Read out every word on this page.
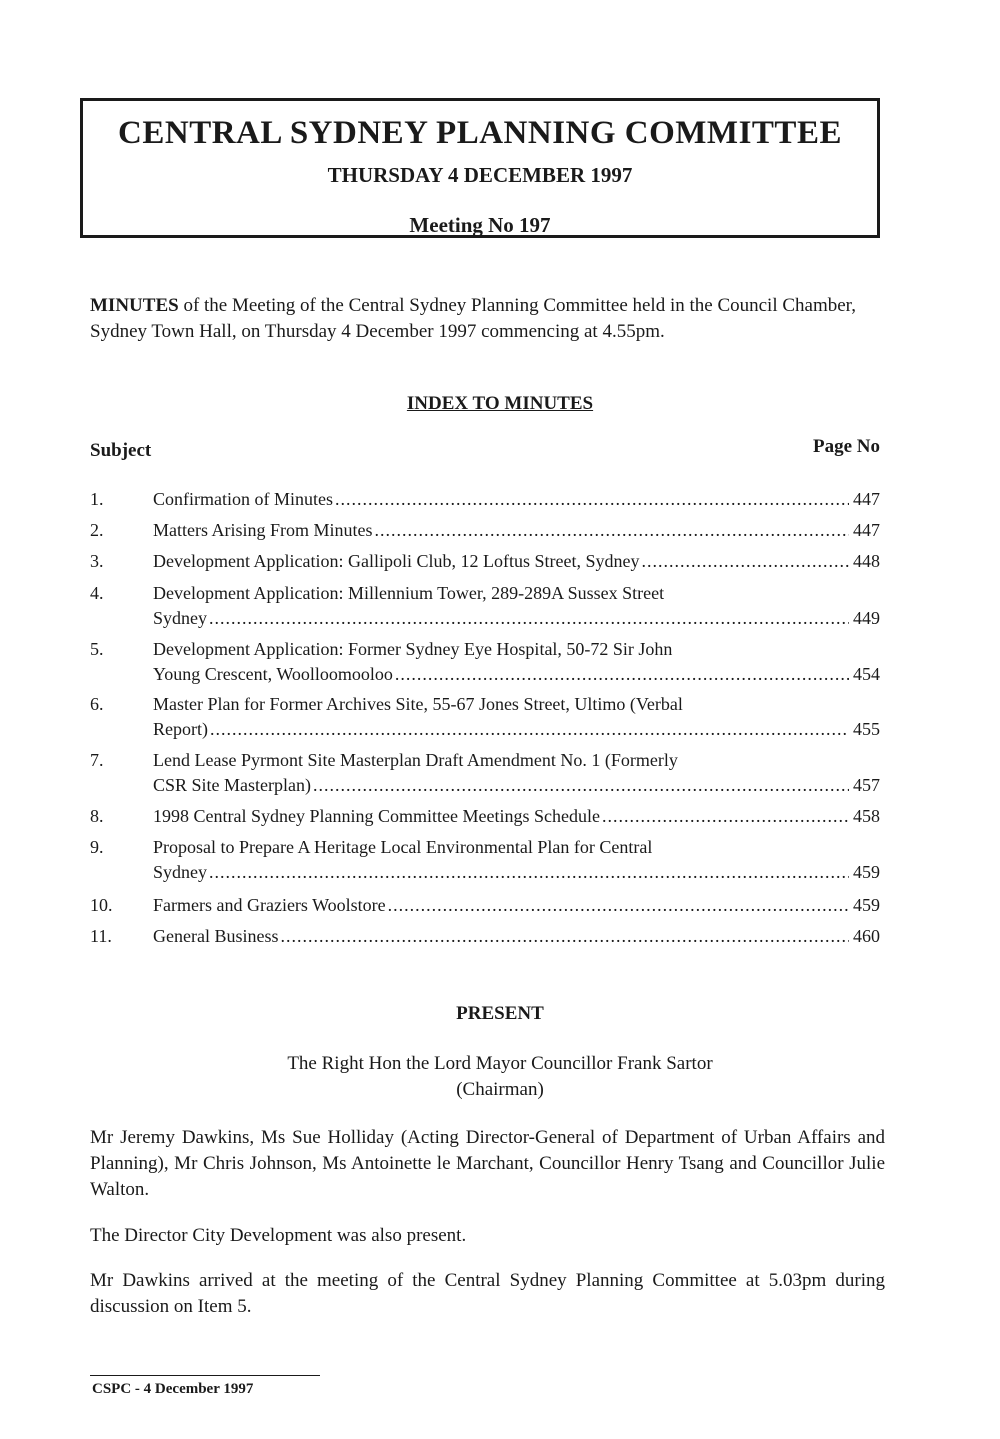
CENTRAL SYDNEY PLANNING COMMITTEE
THURSDAY 4 DECEMBER 1997
Meeting No 197
MINUTES of the Meeting of the Central Sydney Planning Committee held in the Council Chamber, Sydney Town Hall, on Thursday 4 December 1997 commencing at 4.55pm.
INDEX TO MINUTES
Subject	Page No
1.	Confirmation of Minutes .....	447
2.	Matters Arising From Minutes .....	447
3.	Development Application: Gallipoli Club, 12 Loftus Street, Sydney .....	448
4.	Development Application: Millennium Tower, 289-289A Sussex Street
Sydney .....	449
5.	Development Application: Former Sydney Eye Hospital, 50-72 Sir John
Young Crescent, Woolloomooloo .....	454
6.	Master Plan for Former Archives Site, 55-67 Jones Street, Ultimo (Verbal
Report) .....	455
7.	Lend Lease Pyrmont Site Masterplan Draft Amendment No. 1 (Formerly
CSR Site Masterplan) .....	457
8.	1998 Central Sydney Planning Committee Meetings Schedule .....	458
9.	Proposal to Prepare A Heritage Local Environmental Plan for Central
Sydney .....	459
10. Farmers and Graziers Woolstore .....	459
11. General Business .....	460
PRESENT
The Right Hon the Lord Mayor Councillor Frank Sartor
(Chairman)
Mr Jeremy Dawkins, Ms Sue Holliday (Acting Director-General of Department of Urban Affairs and Planning), Mr Chris Johnson, Ms Antoinette le Marchant, Councillor Henry Tsang and Councillor Julie Walton.
The Director City Development was also present.
Mr Dawkins arrived at the meeting of the Central Sydney Planning Committee at 5.03pm during discussion on Item 5.
CSPC - 4 December 1997
